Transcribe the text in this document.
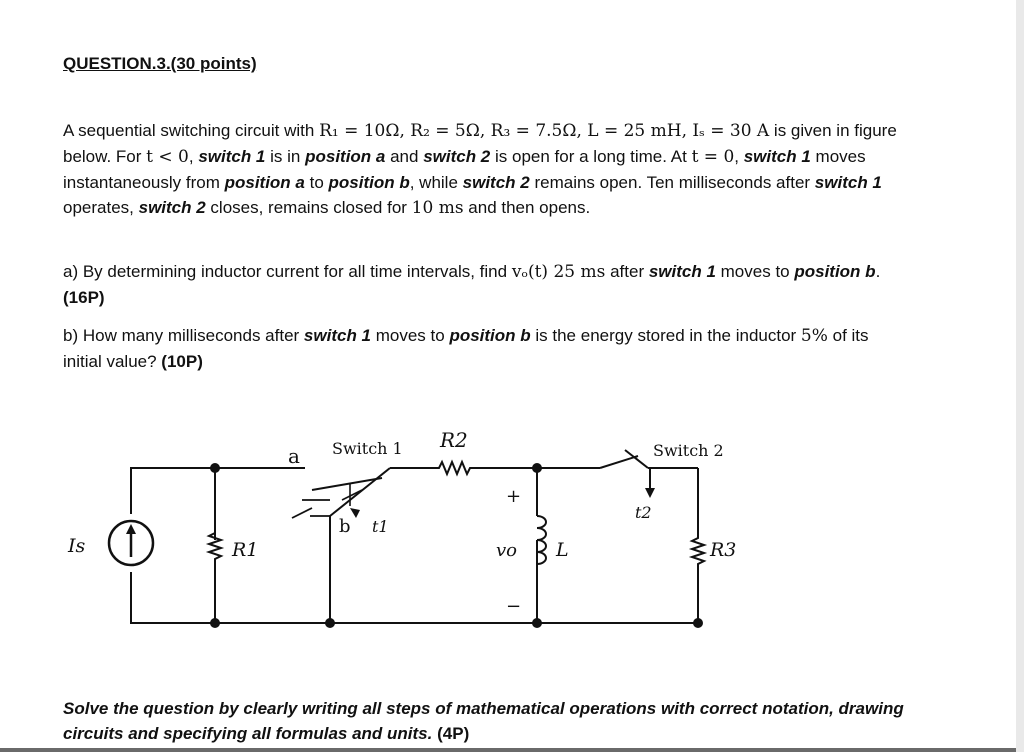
QUESTION.3.(30 points)
A sequential switching circuit with R₁ = 10Ω, R₂ = 5Ω, R₃ = 7.5Ω, L = 25 mH, Iₛ = 30 A is given in figure below. For t < 0, switch 1 is in position a and switch 2 is open for a long time. At t = 0, switch 1 moves instantaneously from position a to position b, while switch 2 remains open. Ten milliseconds after switch 1 operates, switch 2 closes, remains closed for 10 ms and then opens.
a) By determining inductor current for all time intervals, find vₒ(t) 25 ms after switch 1 moves to position b. (16P)
b) How many milliseconds after switch 1 moves to position b is the energy stored in the inductor 5% of its initial value? (10P)
Is	R1
R2
R3
L
vo
+
−
a
b
Switch 1	Switch 2
t1
t2
Solve the question by clearly writing all steps of mathematical operations with correct notation, drawing circuits and specifying all formulas and units. (4P)
